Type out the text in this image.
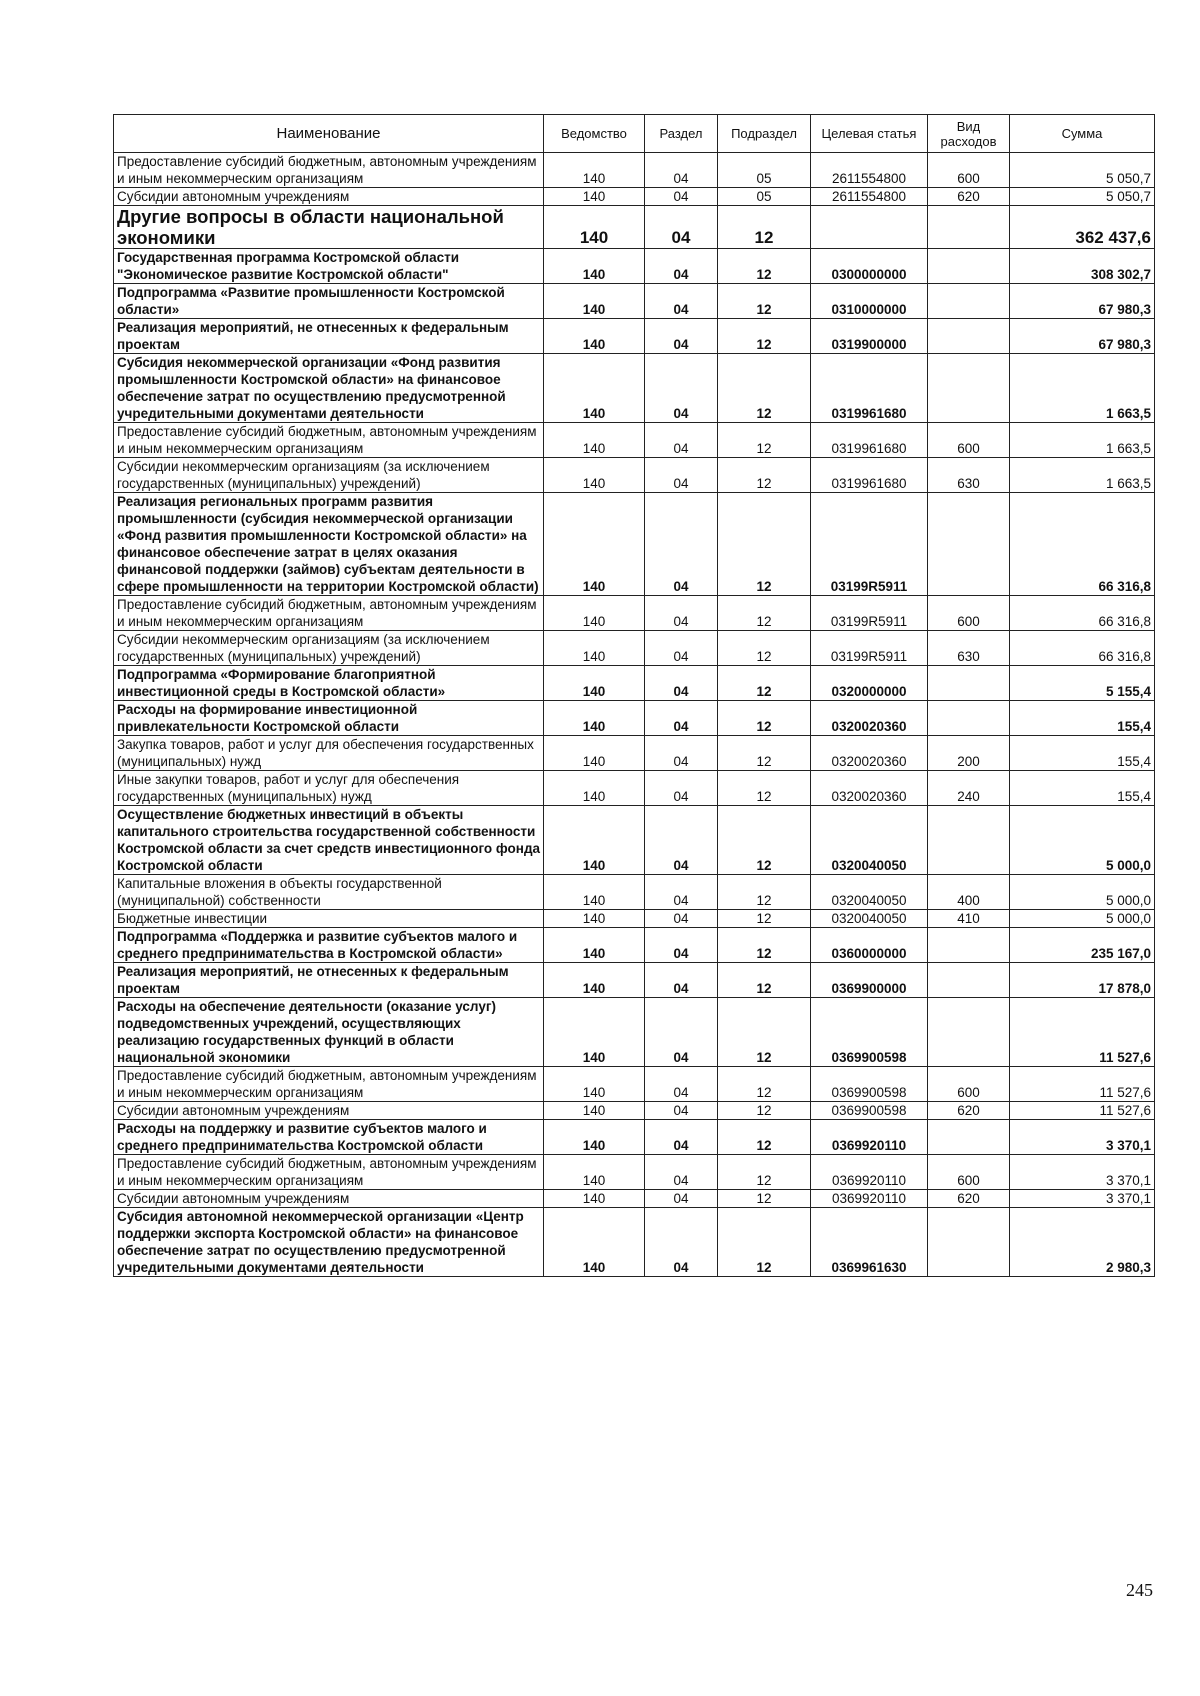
Наименование	Ведомство	Раздел	Подраздел	Целевая статья	Вид расходов	Сумма
Предоставление субсидий бюджетным, автономным учреждениям и иным некоммерческим организациям	140	04	05	2611554800	600	5 050,7
Субсидии автономным учреждениям	140	04	05	2611554800	620	5 050,7
Другие вопросы в области национальной экономики	140	04	12			362 437,6
Государственная программа Костромской области "Экономическое развитие Костромской области"	140	04	12	0300000000		308 302,7
Подпрограмма «Развитие промышленности Костромской области»	140	04	12	0310000000		67 980,3
Реализация мероприятий, не отнесенных к федеральным проектам	140	04	12	0319900000		67 980,3
Субсидия некоммерческой организации «Фонд развития промышленности Костромской области» на финансовое обеспечение затрат по осуществлению предусмотренной учредительными документами деятельности	140	04	12	0319961680		1 663,5
Предоставление субсидий бюджетным, автономным учреждениям и иным некоммерческим организациям	140	04	12	0319961680	600	1 663,5
Субсидии некоммерческим организациям (за исключением государственных (муниципальных) учреждений)	140	04	12	0319961680	630	1 663,5
Реализация региональных программ развития промышленности (субсидия некоммерческой организации «Фонд развития промышленности Костромской области» на финансовое обеспечение затрат в целях оказания финансовой поддержки (займов) субъектам деятельности в сфере промышленности на территории Костромской области)	140	04	12	03199R5911		66 316,8
Предоставление субсидий бюджетным, автономным учреждениям и иным некоммерческим организациям	140	04	12	03199R5911	600	66 316,8
Субсидии некоммерческим организациям (за исключением государственных (муниципальных) учреждений)	140	04	12	03199R5911	630	66 316,8
Подпрограмма «Формирование благоприятной инвестиционной среды в Костромской области»	140	04	12	0320000000		5 155,4
Расходы на формирование инвестиционной привлекательности Костромской области	140	04	12	0320020360		155,4
Закупка товаров, работ и услуг для обеспечения государственных (муниципальных) нужд	140	04	12	0320020360	200	155,4
Иные закупки товаров, работ и услуг для обеспечения государственных (муниципальных) нужд	140	04	12	0320020360	240	155,4
Осуществление бюджетных инвестиций в объекты капитального строительства государственной собственности Костромской области за счет средств инвестиционного фонда Костромской области	140	04	12	0320040050		5 000,0
Капитальные вложения в объекты государственной (муниципальной) собственности	140	04	12	0320040050	400	5 000,0
Бюджетные инвестиции	140	04	12	0320040050	410	5 000,0
Подпрограмма «Поддержка и развитие субъектов малого и среднего предпринимательства в Костромской области»	140	04	12	0360000000		235 167,0
Реализация мероприятий, не отнесенных к федеральным проектам	140	04	12	0369900000		17 878,0
Расходы на обеспечение деятельности (оказание услуг) подведомственных учреждений, осуществляющих реализацию государственных функций в области национальной экономики	140	04	12	0369900598		11 527,6
Предоставление субсидий бюджетным, автономным учреждениям и иным некоммерческим организациям	140	04	12	0369900598	600	11 527,6
Субсидии автономным учреждениям	140	04	12	0369900598	620	11 527,6
Расходы на поддержку и развитие субъектов малого и среднего предпринимательства Костромской области	140	04	12	0369920110		3 370,1
Предоставление субсидий бюджетным, автономным учреждениям и иным некоммерческим организациям	140	04	12	0369920110	600	3 370,1
Субсидии автономным учреждениям	140	04	12	0369920110	620	3 370,1
Субсидия автономной некоммерческой организации «Центр поддержки экспорта Костромской области» на финансовое обеспечение затрат по осуществлению предусмотренной учредительными документами деятельности	140	04	12	0369961630		2 980,3
245
